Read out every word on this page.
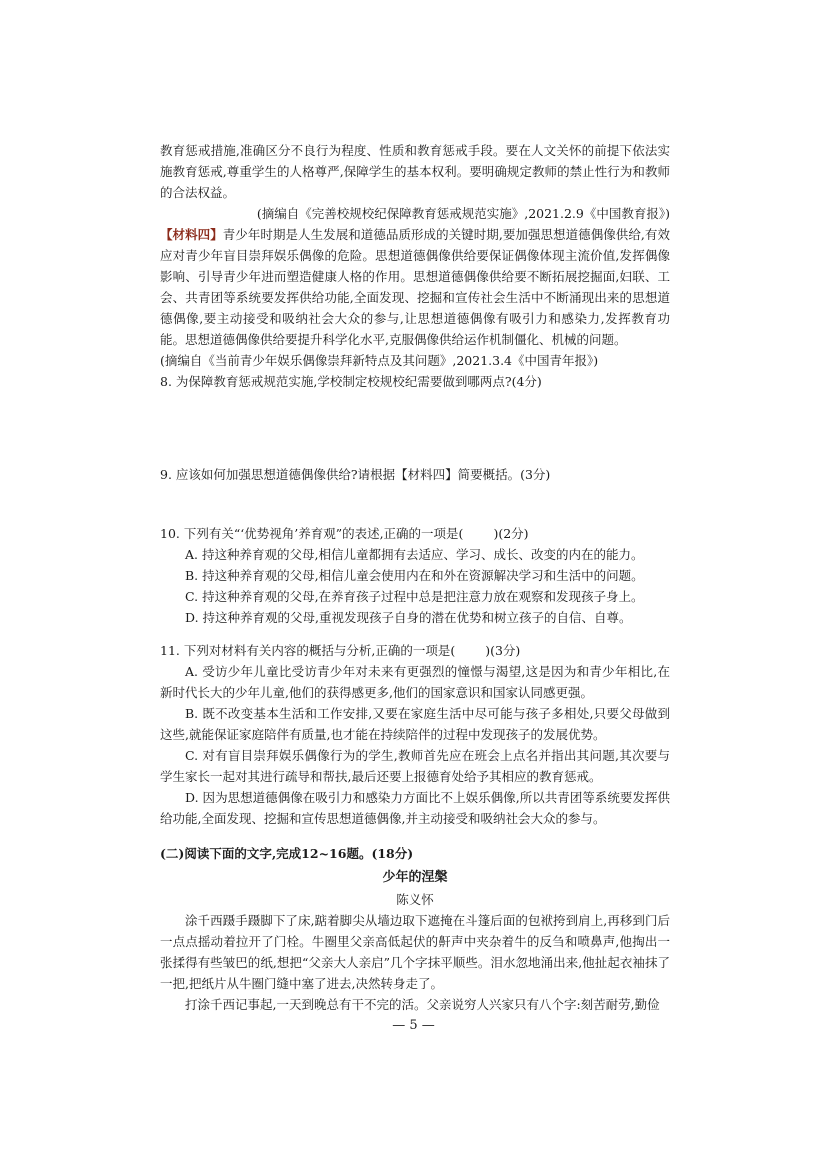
教育惩戒措施,准确区分不良行为程度、性质和教育惩戒手段。要在人文关怀的前提下依法实施教育惩戒,尊重学生的人格尊严,保障学生的基本权利。要明确规定教师的禁止性行为和教师的合法权益。

(摘编自《完善校规校纪保障教育惩戒规范实施》,2021.2.9《中国教育报》)

【材料四】青少年时期是人生发展和道德品质形成的关键时期,要加强思想道德偶像供给,有效应对青少年盲目崇拜娱乐偶像的危险。思想道德偶像供给要保证偶像体现主流价值,发挥偶像影响、引导青少年进而塑造健康人格的作用。思想道德偶像供给要不断拓展挖掘面,妇联、工会、共青团等系统要发挥供给功能,全面发现、挖掘和宣传社会生活中不断涌现出来的思想道德偶像,要主动接受和吸纳社会大众的参与,让思想道德偶像有吸引力和感染力,发挥教育功能。思想道德偶像供给要提升科学化水平,克服偶像供给运作机制僵化、机械的问题。

(摘编自《当前青少年娱乐偶像崇拜新特点及其问题》,2021.3.4《中国青年报》)

8. 为保障教育惩戒规范实施,学校制定校规校纪需要做到哪两点?(4分)

9. 应该如何加强思想道德偶像供给?请根据【材料四】简要概括。(3分)

10. 下列有关“‘优势视角’养育观”的表述,正确的一项是( )(2分)

A. 持这种养育观的父母,相信儿童都拥有去适应、学习、成长、改变的内在的能力。

B. 持这种养育观的父母,相信儿童会使用内在和外在资源解决学习和生活中的问题。

C. 持这种养育观的父母,在养育孩子过程中总是把注意力放在观察和发现孩子身上。

D. 持这种养育观的父母,重视发现孩子自身的潜在优势和树立孩子的自信、自尊。

11. 下列对材料有关内容的概括与分析,正确的一项是( )(3分)

A. 受访少年儿童比受访青少年对未来有更强烈的憧憬与渴望,这是因为和青少年相比,在新时代长大的少年儿童,他们的获得感更多,他们的国家意识和国家认同感更强。

B. 既不改变基本生活和工作安排,又要在家庭生活中尽可能与孩子多相处,只要父母做到这些,就能保证家庭陪伴有质量,也才能在持续陪伴的过程中发现孩子的发展优势。

C. 对有盲目崇拜娱乐偶像行为的学生,教师首先应在班会上点名并指出其问题,其次要与学生家长一起对其进行疏导和帮扶,最后还要上报德育处给予其相应的教育惩戒。

D. 因为思想道德偶像在吸引力和感染力方面比不上娱乐偶像,所以共青团等系统要发挥供给功能,全面发现、挖掘和宣传思想道德偶像,并主动接受和吸纳社会大众的参与。

(二)阅读下面的文字,完成12~16题。(18分)

少年的涅槃

陈义怀

涂千西蹑手蹑脚下了床,踮着脚尖从墙边取下遮掩在斗篷后面的包袱挎到肩上,再移到门后一点点摇动着拉开了门栓。牛圈里父亲高低起伏的鼾声中夹杂着牛的反刍和喷鼻声,他掏出一张揉得有些皱巴的纸,想把“父亲大人亲启”几个字抹平顺些。泪水忽地涌出来,他扯起衣袖抹了一把,把纸片从牛圈门缝中塞了进去,决然转身走了。

打涂千西记事起,一天到晚总有干不完的活。父亲说穷人兴家只有八个字:刻苦耐劳,勤俭

— 5 —
